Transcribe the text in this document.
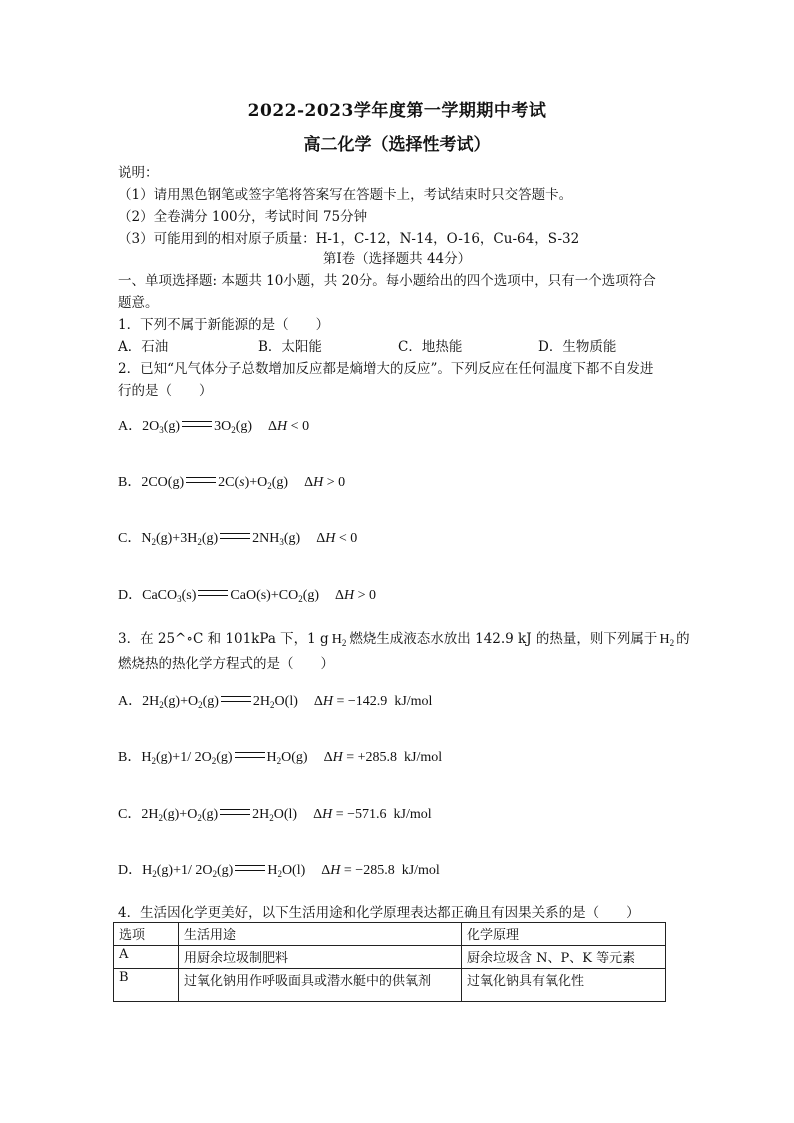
2022-2023学年度第一学期期中考试
高二化学（选择性考试）
说明：
（1）请用黑色钢笔或签字笔将答案写在答题卡上，考试结束时只交答题卡。
（2）全卷满分 100分，考试时间 75分钟
（3）可能用到的相对原子质量：H-1，C-12，N-14，O-16，Cu-64，S-32
第Ⅰ卷（选择题共 44分）
一、单项选择题: 本题共 10小题，共 20分。每小题给出的四个选项中，只有一个选项符合
题意。
1．下列不属于新能源的是（　　）
A．石油	B．太阳能	C．地热能	D．生物质能
2．已知“凡气体分子总数增加反应都是熵增大的反应”。下列反应在任何温度下都不自发进
行的是（　　）
A．$2O_3(g)$ $3O_2(g) \Delta H < 0$
B．2CO(g) $2C(s)+O_2(g) \Delta H > 0$
C．$N_2(g)+3H_2(g)$ $2NH_3(g) \Delta H < 0$
D．CaCO$_3$(s) $CaO(s)+CO_2(g) \Delta H > 0$
3．在 25^∘C 和 101kPa 下，1 g $H_2$ 燃烧生成液态水放出 142.9 kJ 的热量，则下列属于 $H_2$ 的
燃烧热的热化学方程式的是（　　）
A．$2H_2(g)+O_2(g)$ $2H_2O(l) \Delta H = -142.9$ kJ/mol
B．$H_2(g)+1/$ $2O_2(g)$ $H_2O(g) \Delta H = +285.8$ kJ/mol
C．$2H_2(g)+O_2(g)$ $2H_2O(l) \Delta H = -571.6$ kJ/mol
D．$H_2(g)+1/$ $2O_2(g)$ $H_2O(l) \Delta H = -285.8$ kJ/mol
4．生活因化学更美好，以下生活用途和化学原理表达都正确且有因果关系的是（　　）
选项	生活用途	化学原理
A	用厨余垃圾制肥料	厨余垃圾含 N、P、K 等元素
B	过氧化钠用作呼吸面具或潜水艇中的供氧剂	过氧化钠具有氧化性
